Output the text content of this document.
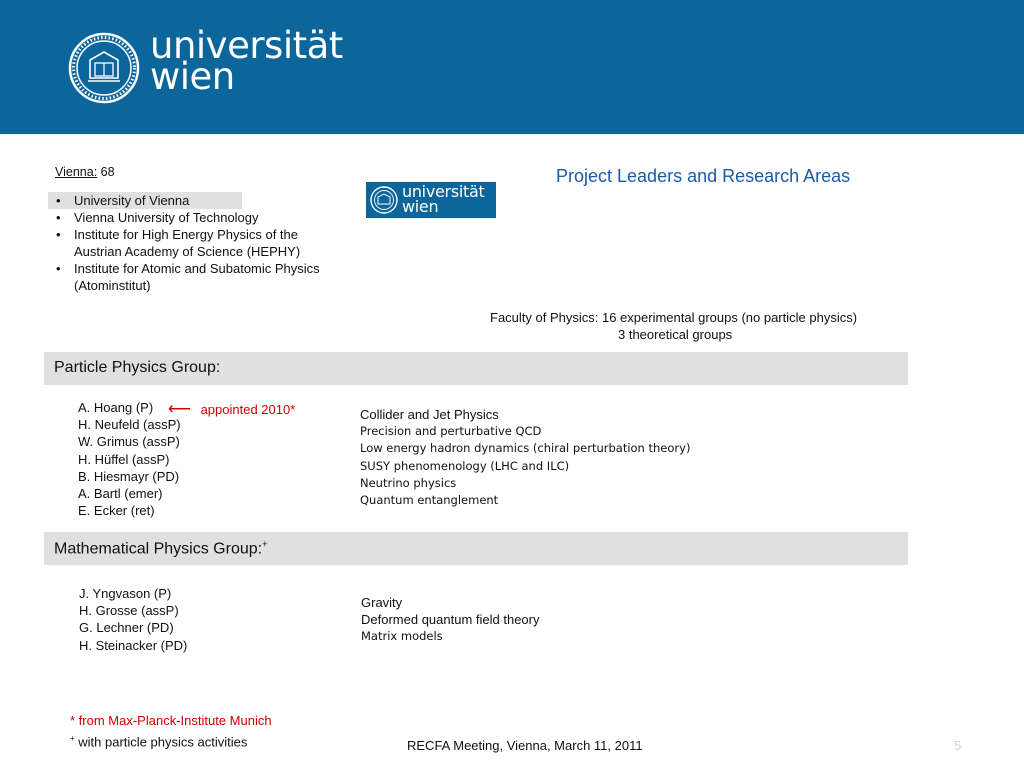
universität
wien
Vienna: 68
• University of Vienna
• Vienna University of Technology
• Institute for High Energy Physics of the Austrian Academy of Science (HEPHY)
• Institute for Atomic and Subatomic Physics (Atominstitut)
universität
wien
Project Leaders and Research Areas
Faculty of Physics: 16 experimental groups (no particle physics)
3 theoretical groups
Particle Physics Group:
A. Hoang (P)
H. Neufeld (assP)
W. Grimus (assP)
H. Hüffel (assP)
B. Hiesmayr (PD)
A. Bartl (emer)
E. Ecker (ret)
⟵ appointed 2010*	Collider and Jet Physics
Precision and perturbative QCD
Low energy hadron dynamics (chiral perturbation theory)
SUSY phenomenology (LHC and ILC)
Neutrino physics
Quantum entanglement
Mathematical Physics Group:+
J. Yngvason (P)
H. Grosse (assP)
G. Lechner (PD)
H. Steinacker (PD)
Gravity
Deformed quantum field theory
Matrix models
* from Max-Planck-Institute Munich
+ with particle physics activities	RECFA Meeting, Vienna, March 11, 2011	5
